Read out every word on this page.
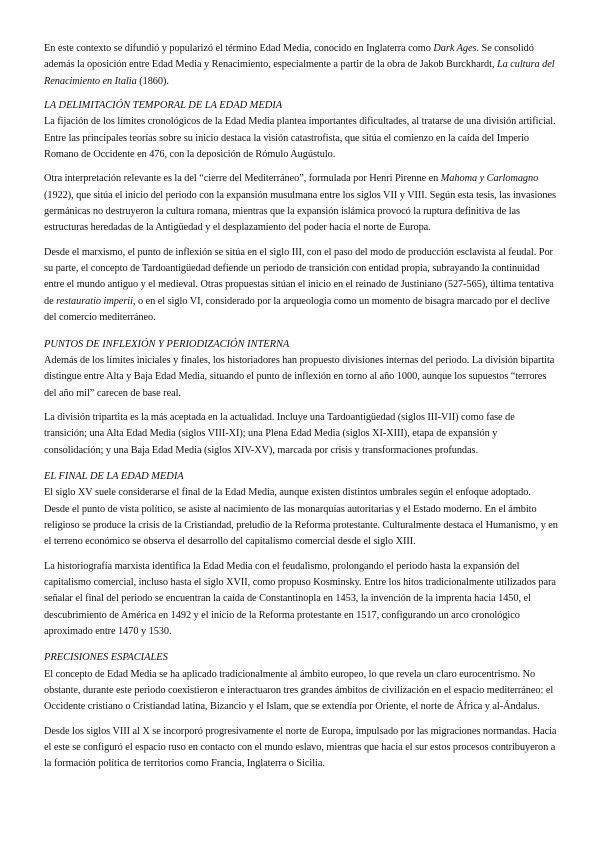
En este contexto se difundió y popularizó el término Edad Media, conocido en Inglaterra como Dark Ages. Se consolidó además la oposición entre Edad Media y Renacimiento, especialmente a partir de la obra de Jakob Burckhardt, La cultura del Renacimiento en Italia (1860).

LA DELIMITACIÓN TEMPORAL DE LA EDAD MEDIA

La fijación de los límites cronológicos de la Edad Media plantea importantes dificultades, al tratarse de una división artificial. Entre las principales teorías sobre su inicio destaca la visión catastrofista, que sitúa el comienzo en la caída del Imperio Romano de Occidente en 476, con la deposición de Rómulo Augústulo.

Otra interpretación relevante es la del “cierre del Mediterráneo”, formulada por Henri Pirenne en Mahoma y Carlomagno (1922), que sitúa el inicio del periodo con la expansión musulmana entre los siglos VII y VIII. Según esta tesis, las invasiones germánicas no destruyeron la cultura romana, mientras que la expansión islámica provocó la ruptura definitiva de las estructuras heredadas de la Antigüedad y el desplazamiento del poder hacia el norte de Europa.

Desde el marxismo, el punto de inflexión se sitúa en el siglo III, con el paso del modo de producción esclavista al feudal. Por su parte, el concepto de Tardoantigüedad defiende un periodo de transición con entidad propia, subrayando la continuidad entre el mundo antiguo y el medieval. Otras propuestas sitúan el inicio en el reinado de Justiniano (527-565), última tentativa de restauratio imperii, o en el siglo VI, considerado por la arqueología como un momento de bisagra marcado por el declive del comercio mediterráneo.

PUNTOS DE INFLEXIÓN Y PERIODIZACIÓN INTERNA

Además de los límites iniciales y finales, los historiadores han propuesto divisiones internas del periodo. La división bipartita distingue entre Alta y Baja Edad Media, situando el punto de inflexión en torno al año 1000, aunque los supuestos “terrores del año mil” carecen de base real.

La división tripartita es la más aceptada en la actualidad. Incluye una Tardoantigüedad (siglos III-VII) como fase de transición; una Alta Edad Media (siglos VIII-XI); una Plena Edad Media (siglos XI-XIII), etapa de expansión y consolidación; y una Baja Edad Media (siglos XIV-XV), marcada por crisis y transformaciones profundas.

EL FINAL DE LA EDAD MEDIA

El siglo XV suele considerarse el final de la Edad Media, aunque existen distintos umbrales según el enfoque adoptado. Desde el punto de vista político, se asiste al nacimiento de las monarquías autoritarias y el Estado moderno. En el ámbito religioso se produce la crisis de la Cristiandad, preludio de la Reforma protestante. Culturalmente destaca el Humanismo, y en el terreno económico se observa el desarrollo del capitalismo comercial desde el siglo XIII.

La historiografía marxista identifica la Edad Media con el feudalismo, prolongando el periodo hasta la expansión del capitalismo comercial, incluso hasta el siglo XVII, como propuso Kosminsky. Entre los hitos tradicionalmente utilizados para señalar el final del periodo se encuentran la caída de Constantinopla en 1453, la invención de la imprenta hacia 1450, el descubrimiento de América en 1492 y el inicio de la Reforma protestante en 1517, configurando un arco cronológico aproximado entre 1470 y 1530.

PRECISIONES ESPACIALES

El concepto de Edad Media se ha aplicado tradicionalmente al ámbito europeo, lo que revela un claro eurocentrismo. No obstante, durante este periodo coexistieron e interactuaron tres grandes ámbitos de civilización en el espacio mediterráneo: el Occidente cristiano o Cristiandad latina, Bizancio y el Islam, que se extendía por Oriente, el norte de África y al-Ándalus.

Desde los siglos VIII al X se incorporó progresivamente el norte de Europa, impulsado por las migraciones normandas. Hacia el este se configuró el espacio ruso en contacto con el mundo eslavo, mientras que hacia el sur estos procesos contribuyeron a la formación política de territorios como Francia, Inglaterra o Sicilia.
